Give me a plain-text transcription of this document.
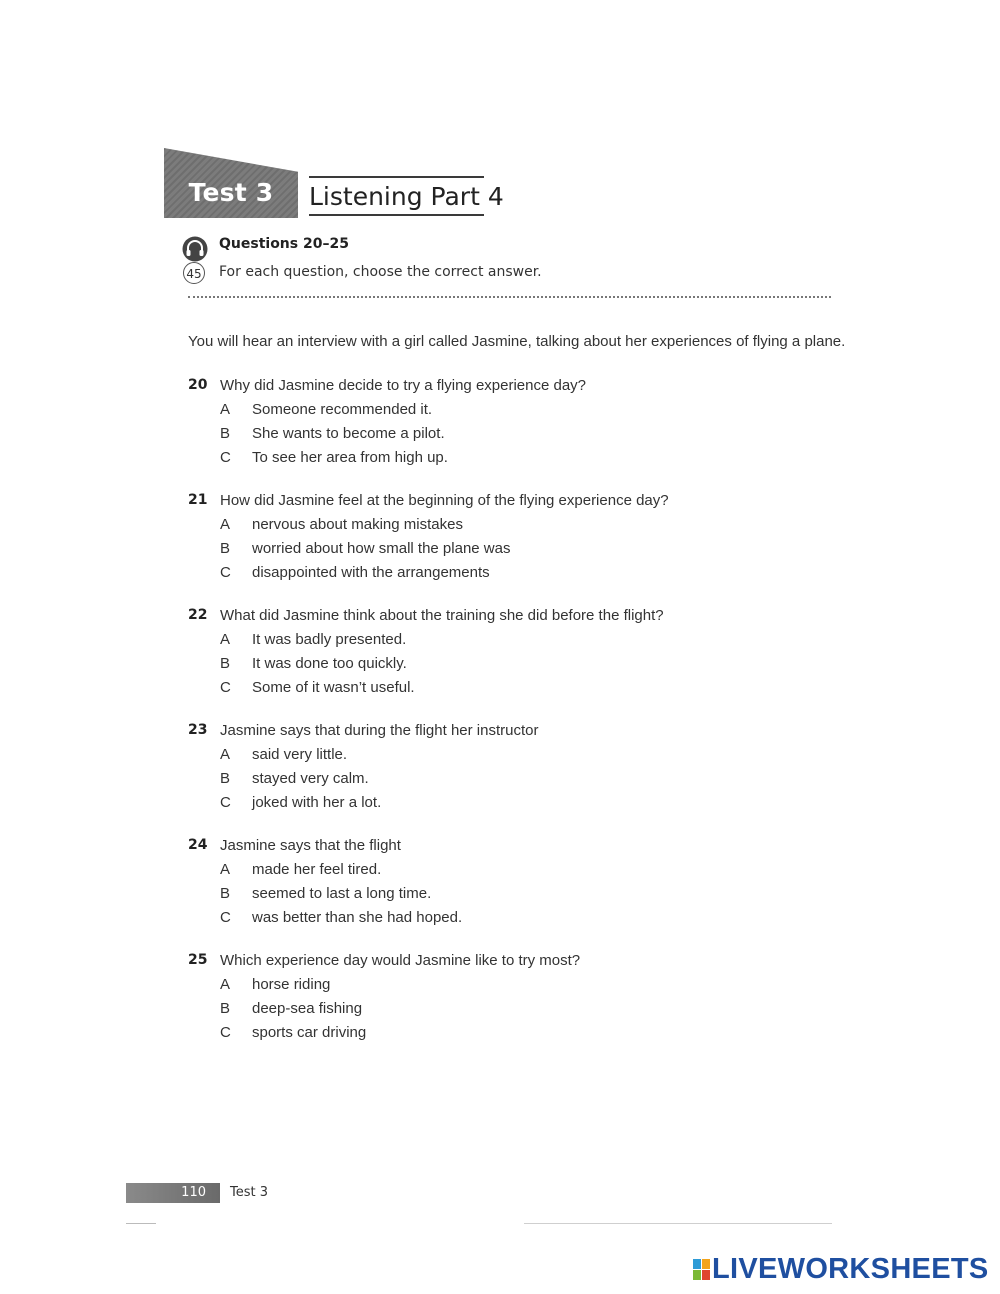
Test 3	Listening Part 4
45
Questions 20–25
For each question, choose the correct answer.
You will hear an interview with a girl called Jasmine, talking about her experiences of flying a plane.
20 Why did Jasmine decide to try a flying experience day?
A Someone recommended it.
B She wants to become a pilot.
C To see her area from high up.
21 How did Jasmine feel at the beginning of the flying experience day?
A nervous about making mistakes
B worried about how small the plane was
C disappointed with the arrangements
22 What did Jasmine think about the training she did before the flight?
A It was badly presented.
B It was done too quickly.
C Some of it wasn’t useful.
23 Jasmine says that during the flight her instructor
A said very little.
B stayed very calm.
C joked with her a lot.
24 Jasmine says that the flight
A made her feel tired.
B seemed to last a long time.
C was better than she had hoped.
25 Which experience day would Jasmine like to try most?
A horse riding
B deep-sea fishing
C sports car driving
110 Test 3
LIVEWORKSHEETS
